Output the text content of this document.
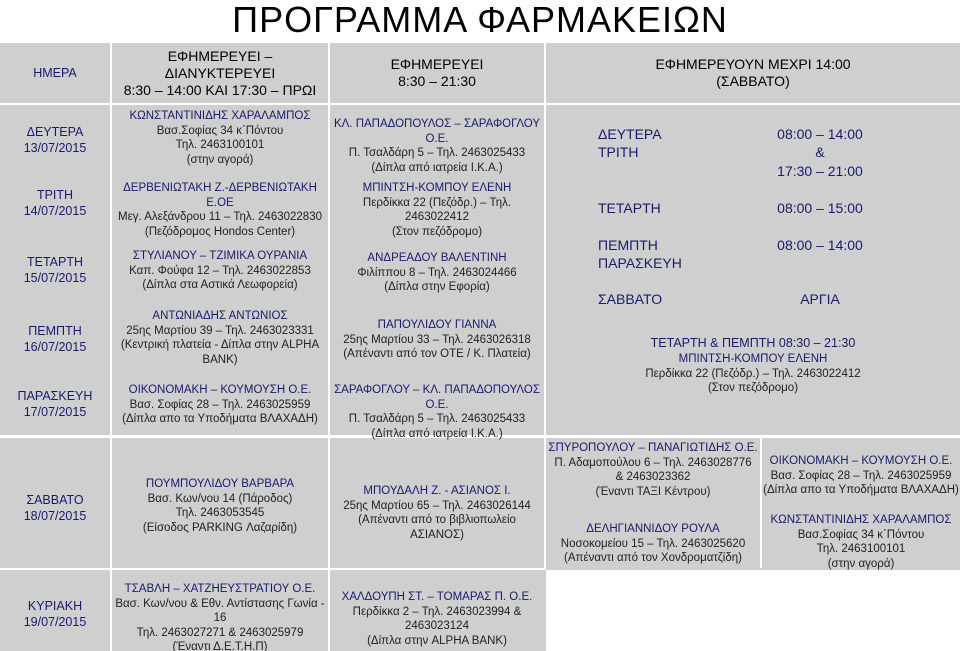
ΠΡΟΓΡΑΜΜΑ ΦΑΡΜΑΚΕΙΩΝ
ΗΜΕΡΑ
ΕΦΗΜΕΡΕΥΕΙ – ΔΙΑΝΥΚΤΕΡΕΥΕΙ
8:30 – 14:00 ΚΑΙ 17:30 – ΠΡΩΙ
ΕΦΗΜΕΡΕΥΕΙ
8:30 – 21:30
ΕΦΗΜΕΡΕΥΟΥΝ ΜΕΧΡΙ 14:00
(ΣΑΒΒΑΤΟ)
ΔΕΥΤΕΡΑ
13/07/2015
ΤΡΙΤΗ
14/07/2015
ΤΕΤΑΡΤΗ
15/07/2015
ΠΕΜΠΤΗ
16/07/2015
ΠΑΡΑΣΚΕΥΗ
17/07/2015
ΣΑΒΒΑΤΟ
18/07/2015
ΚΥΡΙΑΚΗ
19/07/2015
ΚΩΝΣΤΑΝΤΙΝΙΔΗΣ ΧΑΡΑΛΑΜΠΟΣ
Βασ.Σοφίας 34 κ΄Πόντου
Τηλ. 2463100101
(στην αγορά)
ΔΕΡΒΕΝΙΩΤΑΚΗ Ζ.-ΔΕΡΒΕΝΙΩΤΑΚΗ Ε.ΟΕ
Μεγ. Αλεξάνδρου 11 – Τηλ. 2463022830
(Πεζόδρομος Hondos Center)
ΣΤΥΛΙΑΝΟΥ – ΤΖΙΜΙΚΑ ΟΥΡΑΝΙΑ
Καπ. Φούφα 12 – Τηλ. 2463022853
(Δίπλα στα Αστικά Λεωφορεία)
ΑΝΤΩΝΙΑΔΗΣ ΑΝΤΩΝΙΟΣ
25ης Μαρτίου 39 – Τηλ. 2463023331
(Κεντρική πλατεία - Δίπλα στην ALPHA
BANK)
ΟΙΚΟΝΟΜΑΚΗ – ΚΟΥΜΟΥΣΗ Ο.Ε.
Βασ. Σοφίας 28 – Τηλ. 2463025959
(Δίπλα απο τα Υποδήματα ΒΛΑΧΑΔΗ)
ΠΟΥΜΠΟΥΛΙΔΟΥ ΒΑΡΒΑΡΑ
Βασ. Κων/νου 14 (Πάροδος)
Τηλ. 2463053545
(Είσοδος PARKING Λαζαρίδη)
ΤΣΑΒΛΗ – ΧΑΤΖΗΕΥΣΤΡΑΤΙΟΥ Ο.Ε.
Βασ. Κων/νου & Εθν. Αντίστασης Γωνία - 16
Τηλ. 2463027271 & 2463025979
(Έναντι Δ.Ε.Τ.Η.Π)
ΚΛ. ΠΑΠΑΔΟΠΟΥΛΟΣ – ΣΑΡΑΦΟΓΛΟΥ Ο.Ε.
Π. Τσαλδάρη 5 – Τηλ. 2463025433
(Δίπλα από ιατρεία Ι.Κ.Α.)
ΜΠΙΝΤΣΗ-ΚΟΜΠΟΥ ΕΛΕΝΗ
Περδίκκα 22 (Πεζόδρ.) – Τηλ. 2463022412
(Στον πεζόδρομο)
ΑΝΔΡΕΑΔΟΥ ΒΑΛΕΝΤΙΝΗ
Φιλίππου 8 – Τηλ. 2463024466
(Δίπλα στην Εφορία)
ΠΑΠΟΥΛΙΔΟΥ ΓΙΑΝΝΑ
25ης Μαρτίου 33 – Τηλ. 2463026318
(Απέναντι από τον ΟΤΕ / Κ. Πλατεία)
ΣΑΡΑΦΟΓΛΟΥ – ΚΛ. ΠΑΠΑΔΟΠΟΥΛΟΣ Ο.Ε.
Π. Τσαλδάρη 5 – Τηλ. 2463025433
(Δίπλα από ιατρεία Ι.Κ.Α.)
ΜΠΟΥΔΑΛΗ Ζ. - ΑΣΙΑΝΟΣ Ι.
25ης Μαρτίου 65 – Τηλ. 2463026144
(Απέναντι από το βιβλιοπωλείο ΑΣΙΑΝΟΣ)
ΧΑΛΔΟΥΠΗ ΣΤ. – ΤΟΜΑΡΑΣ Π. Ο.Ε.
Περδίκκα 2 – Τηλ. 2463023994 & 2463023124
(Δίπλα στην ALPHA BANK)
ΔΕΥΤΕΡΑ
ΤΡΙΤΗ
08:00 – 14:00
&
17:30 – 21:00
ΤΕΤΑΡΤΗ	08:00 – 15:00
ΠΕΜΠΤΗ
ΠΑΡΑΣΚΕΥΗ
08:00 – 14:00
ΣΑΒΒΑΤΟ	ΑΡΓΙΑ
ΤΕΤΑΡΤΗ & ΠΕΜΠΤΗ 08:30 – 21:30
ΜΠΙΝΤΣΗ-ΚΟΜΠΟΥ ΕΛΕΝΗ
Περδίκκα 22 (Πεζόδρ.) – Τηλ. 2463022412
(Στον πεζόδρομο)
ΣΠΥΡΟΠΟΥΛΟΥ – ΠΑΝΑΓΙΩΤΙΔΗΣ Ο.Ε.
Π. Αδαμοπούλου 6 – Τηλ. 2463028776
& 2463023362
(Έναντι ΤΑΞΙ Κέντρου)
ΔΕΛΗΓΙΑΝΝΙΔΟΥ ΡΟΥΛΑ
Νοσοκομείου 15 – Τηλ. 2463025620
(Απέναντι από τον Χονδροματζίδη)
ΟΙΚΟΝΟΜΑΚΗ – ΚΟΥΜΟΥΣΗ Ο.Ε.
Βασ. Σοφίας 28 – Τηλ. 2463025959
(Δίπλα απο τα Υποδήματα ΒΛΑΧΑΔΗ)
ΚΩΝΣΤΑΝΤΙΝΙΔΗΣ ΧΑΡΑΛΑΜΠΟΣ
Βασ.Σοφίας 34 κ΄Πόντου
Τηλ. 2463100101
(στην αγορά)
